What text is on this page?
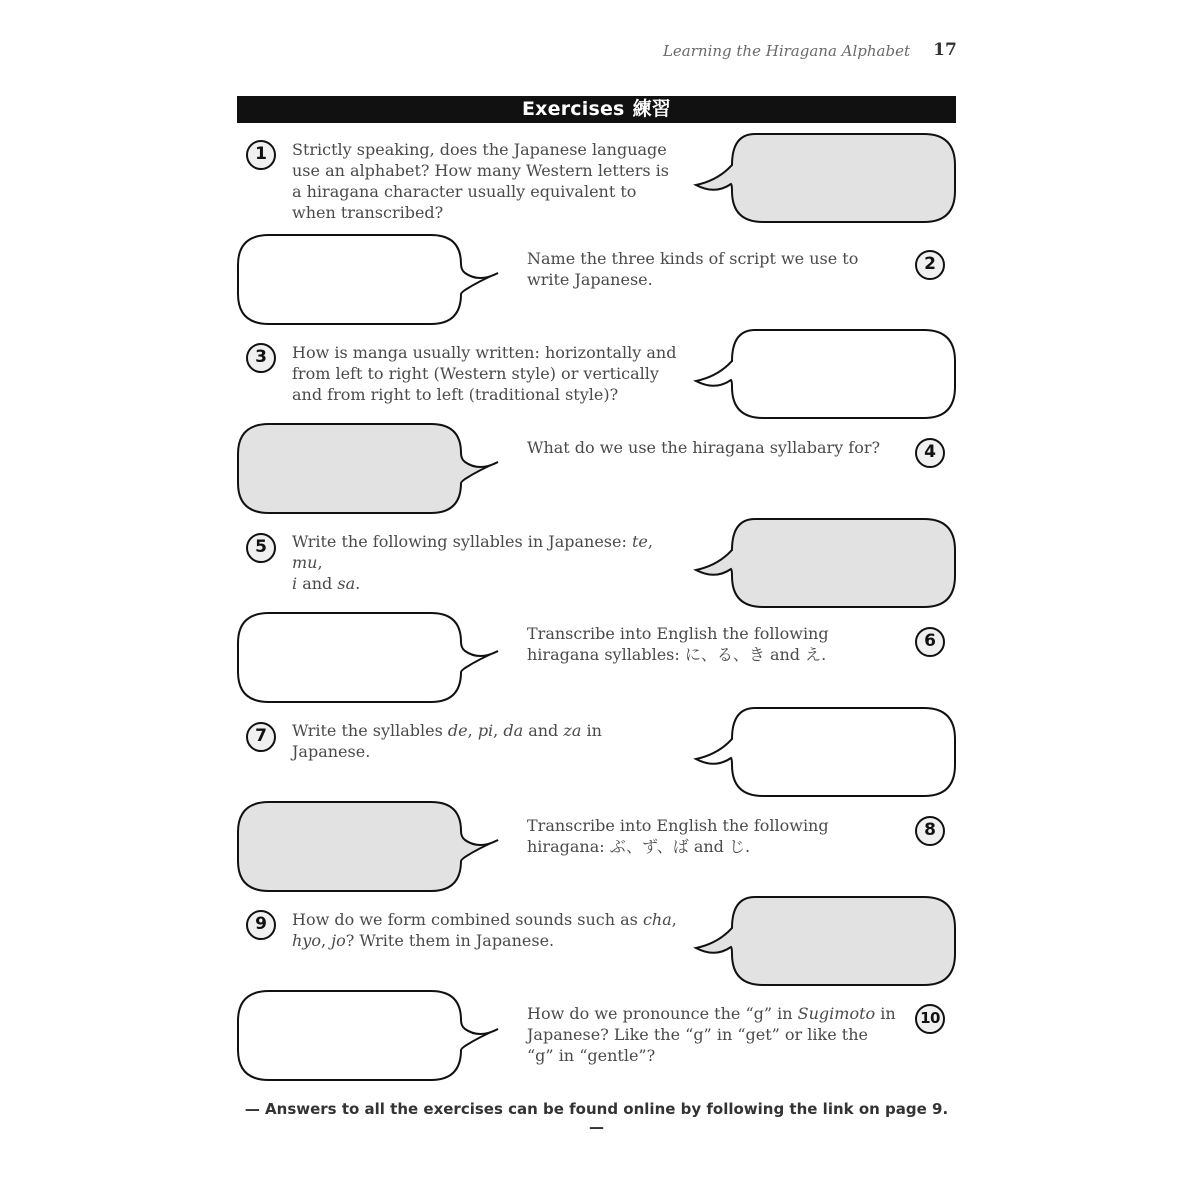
Learning the Hiragana Alphabet 17
Exercises 練習
1	Strictly speaking, does the Japanese language use an alphabet? How many Western letters is a hiragana character usually equivalent to when transcribed?
2
Name the three kinds of script we use to write Japanese.
3	How is manga usually written: horizontally and from left to right (Western style) or vertically and from right to left (traditional style)?
4
What do we use the hiragana syllabary for?
5	Write the following syllables in Japanese: te, mu,
i and sa.
6
Transcribe into English the following hiragana syllables: に、る、き and え.
7	Write the syllables de, pi, da and za in Japanese.
8
Transcribe into English the following hiragana: ぶ、ず、ば and じ.
9	How do we form combined sounds such as cha,
hyo, jo? Write them in Japanese.
10
How do we pronounce the “g” in Sugimoto in Japanese? Like the “g” in “get” or like the “g” in “gentle”?
— Answers to all the exercises can be found online by following the link on page 9. —
